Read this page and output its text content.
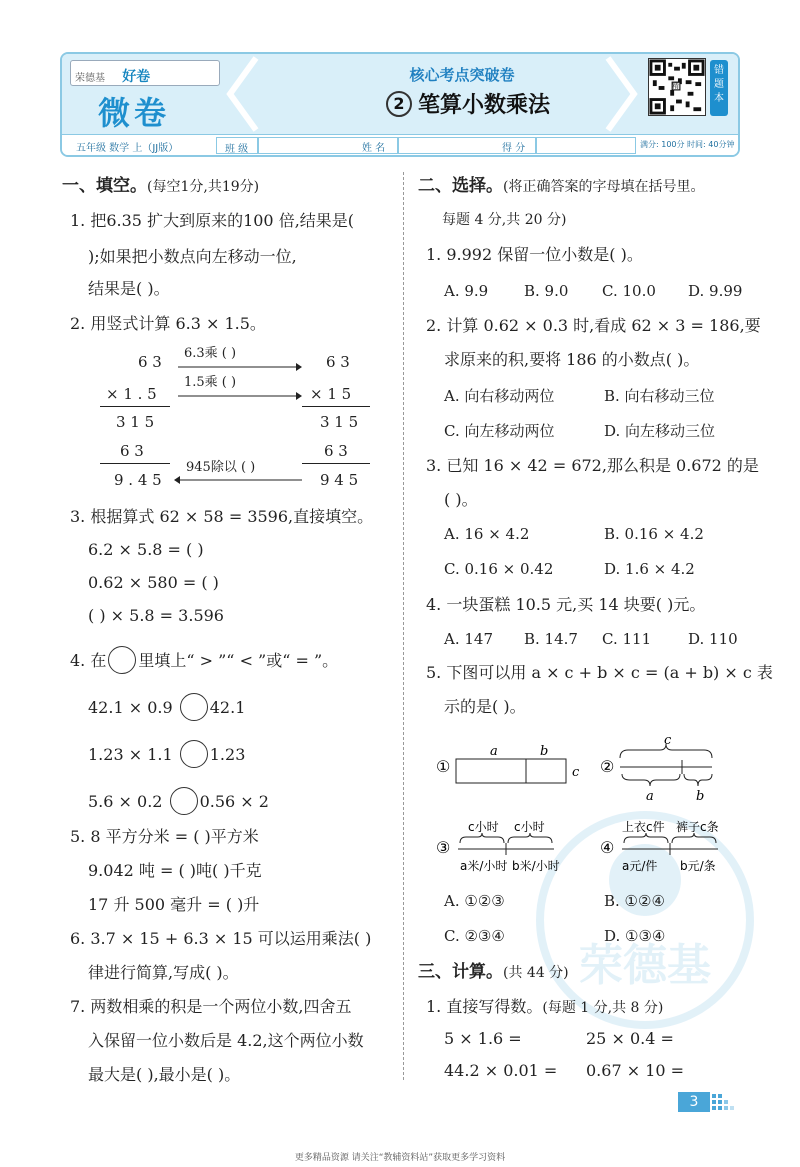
荣德基 好卷
微卷
核心考点突破卷
2 笔算小数乘法
精
错题本
五年级 数学 上（JJ版）	班 级	姓 名	得 分	满分: 100分 时间: 40分钟
荣德基
一、填空。(每空1分,共19分)
1. 把6.35 扩大到原来的100 倍,结果是(
);如果把小数点向左移动一位,
结果是( )。
2. 用竖式计算 6.3 × 1.5。
6 3
× 1 . 5
3 1 5
6 3
9 . 4 5
6.3乘 ( )
1.5乘 ( )
945除以 ( )
6 3
× 1 5
3 1 5
6 3
9 4 5
3. 根据算式 62 × 58 = 3596,直接填空。
6.2 × 5.8 = ( )
0.62 × 580 = ( )
( ) × 5.8 = 3.596
4. 在 里填上“ > ”“ < ”或“ = ”。
42.1 × 0.9 42.1
1.23 × 1.1 1.23
5.6 × 0.2 0.56 × 2
5. 8 平方分米 = ( )平方米
9.042 吨 = ( )吨( )千克
17 升 500 毫升 = ( )升
6. 3.7 × 15 + 6.3 × 15 可以运用乘法( )
律进行简算,写成( )。
7. 两数相乘的积是一个两位小数,四舍五
入保留一位小数后是 4.2,这个两位小数
最大是( ),最小是( )。
二、选择。(将正确答案的字母填在括号里。
每题 4 分,共 20 分)
1. 9.992 保留一位小数是( )。
A. 9.9 B. 9.0 C. 10.0 D. 9.99
2. 计算 0.62 × 0.3 时,看成 62 × 3 = 186,要
求原来的积,要将 186 的小数点( )。
A. 向右移动两位	B. 向右移动三位
C. 向左移动两位	D. 向左移动三位
3. 已知 16 × 42 = 672,那么积是 0.672 的是
( )。
A. 16 × 4.2	B. 0.16 × 4.2
C. 0.16 × 0.42	D. 1.6 × 4.2
4. 一块蛋糕 10.5 元,买 14 块要( )元。
A. 147 B. 14.7 C. 111 D. 110
5. 下图可以用 a × c + b × c = (a + b) × c 表
示的是( )。
①
a	b
c ②
c
a	b
③
c小时 c小时
a米/小时 b米/小时
④
上衣c件 裤子c条
a元/件 b元/条
A. ①②③	B. ①②④
C. ②③④	D. ①③④
三、计算。(共 44 分)
1. 直接写得数。(每题 1 分,共 8 分)
5 × 1.6 =	25 × 0.4 =
44.2 × 0.01 = 0.67 × 10 =
3
更多精品资源 请关注“教辅资料站”获取更多学习资料
